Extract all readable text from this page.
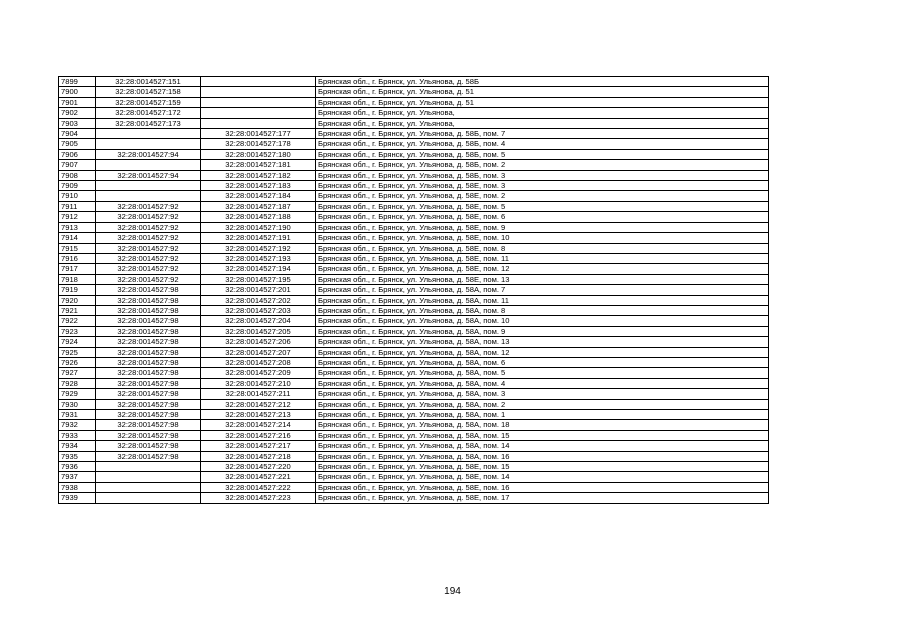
7899	32:28:0014527:151		Брянская обл., г. Брянск, ул. Ульянова, д. 58Б
7900	32:28:0014527:158		Брянская обл., г. Брянск, ул. Ульянова, д. 51
7901	32:28:0014527:159		Брянская обл., г. Брянск, ул. Ульянова, д. 51
7902	32:28:0014527:172		Брянская обл., г. Брянск, ул. Ульянова,
7903	32:28:0014527:173		Брянская обл., г. Брянск, ул. Ульянова,
7904		32:28:0014527:177	Брянская обл., г. Брянск, ул. Ульянова, д. 58Б, пом. 7
7905		32:28:0014527:178	Брянская обл., г. Брянск, ул. Ульянова, д. 58Б, пом. 4
7906	32:28:0014527:94	32:28:0014527:180	Брянская обл., г. Брянск, ул. Ульянова, д. 58Б, пом. 5
7907		32:28:0014527:181	Брянская обл., г. Брянск, ул. Ульянова, д. 58Б, пом. 2
7908	32:28:0014527:94	32:28:0014527:182	Брянская обл., г. Брянск, ул. Ульянова, д. 58Б, пом. 3
7909		32:28:0014527:183	Брянская обл., г. Брянск, ул. Ульянова, д. 58Е, пом. 3
7910		32:28:0014527:184	Брянская обл., г. Брянск, ул. Ульянова, д. 58Е, пом. 2
7911	32:28:0014527:92	32:28:0014527:187	Брянская обл., г. Брянск, ул. Ульянова, д. 58Е, пом. 5
7912	32:28:0014527:92	32:28:0014527:188	Брянская обл., г. Брянск, ул. Ульянова, д. 58Е, пом. 6
7913	32:28:0014527:92	32:28:0014527:190	Брянская обл., г. Брянск, ул. Ульянова, д. 58Е, пом. 9
7914	32:28:0014527:92	32:28:0014527:191	Брянская обл., г. Брянск, ул. Ульянова, д. 58Е, пом. 10
7915	32:28:0014527:92	32:28:0014527:192	Брянская обл., г. Брянск, ул. Ульянова, д. 58Е, пом. 8
7916	32:28:0014527:92	32:28:0014527:193	Брянская обл., г. Брянск, ул. Ульянова, д. 58Е, пом. 11
7917	32:28:0014527:92	32:28:0014527:194	Брянская обл., г. Брянск, ул. Ульянова, д. 58Е, пом. 12
7918	32:28:0014527:92	32:28:0014527:195	Брянская обл., г. Брянск, ул. Ульянова, д. 58Е, пом. 13
7919	32:28:0014527:98	32:28:0014527:201	Брянская обл., г. Брянск, ул. Ульянова, д. 58А, пом. 7
7920	32:28:0014527:98	32:28:0014527:202	Брянская обл., г. Брянск, ул. Ульянова, д. 58А, пом. 11
7921	32:28:0014527:98	32:28:0014527:203	Брянская обл., г. Брянск, ул. Ульянова, д. 58А, пом. 8
7922	32:28:0014527:98	32:28:0014527:204	Брянская обл., г. Брянск, ул. Ульянова, д. 58А, пом. 10
7923	32:28:0014527:98	32:28:0014527:205	Брянская обл., г. Брянск, ул. Ульянова, д. 58А, пом. 9
7924	32:28:0014527:98	32:28:0014527:206	Брянская обл., г. Брянск, ул. Ульянова, д. 58А, пом. 13
7925	32:28:0014527:98	32:28:0014527:207	Брянская обл., г. Брянск, ул. Ульянова, д. 58А, пом. 12
7926	32:28:0014527:98	32:28:0014527:208	Брянская обл., г. Брянск, ул. Ульянова, д. 58А, пом. 6
7927	32:28:0014527:98	32:28:0014527:209	Брянская обл., г. Брянск, ул. Ульянова, д. 58А, пом. 5
7928	32:28:0014527:98	32:28:0014527:210	Брянская обл., г. Брянск, ул. Ульянова, д. 58А, пом. 4
7929	32:28:0014527:98	32:28:0014527:211	Брянская обл., г. Брянск, ул. Ульянова, д. 58А, пом. 3
7930	32:28:0014527:98	32:28:0014527:212	Брянская обл., г. Брянск, ул. Ульянова, д. 58А, пом. 2
7931	32:28:0014527:98	32:28:0014527:213	Брянская обл., г. Брянск, ул. Ульянова, д. 58А, пом. 1
7932	32:28:0014527:98	32:28:0014527:214	Брянская обл., г. Брянск, ул. Ульянова, д. 58А, пом. 18
7933	32:28:0014527:98	32:28:0014527:216	Брянская обл., г. Брянск, ул. Ульянова, д. 58А, пом. 15
7934	32:28:0014527:98	32:28:0014527:217	Брянская обл., г. Брянск, ул. Ульянова, д. 58А, пом. 14
7935	32:28:0014527:98	32:28:0014527:218	Брянская обл., г. Брянск, ул. Ульянова, д. 58А, пом. 16
7936		32:28:0014527:220	Брянская обл., г. Брянск, ул. Ульянова, д. 58Е, пом. 15
7937		32:28:0014527:221	Брянская обл., г. Брянск, ул. Ульянова, д. 58Е, пом. 14
7938		32:28:0014527:222	Брянская обл., г. Брянск, ул. Ульянова, д. 58Е, пом. 16
7939		32:28:0014527:223	Брянская обл., г. Брянск, ул. Ульянова, д. 58Е, пом. 17
194
